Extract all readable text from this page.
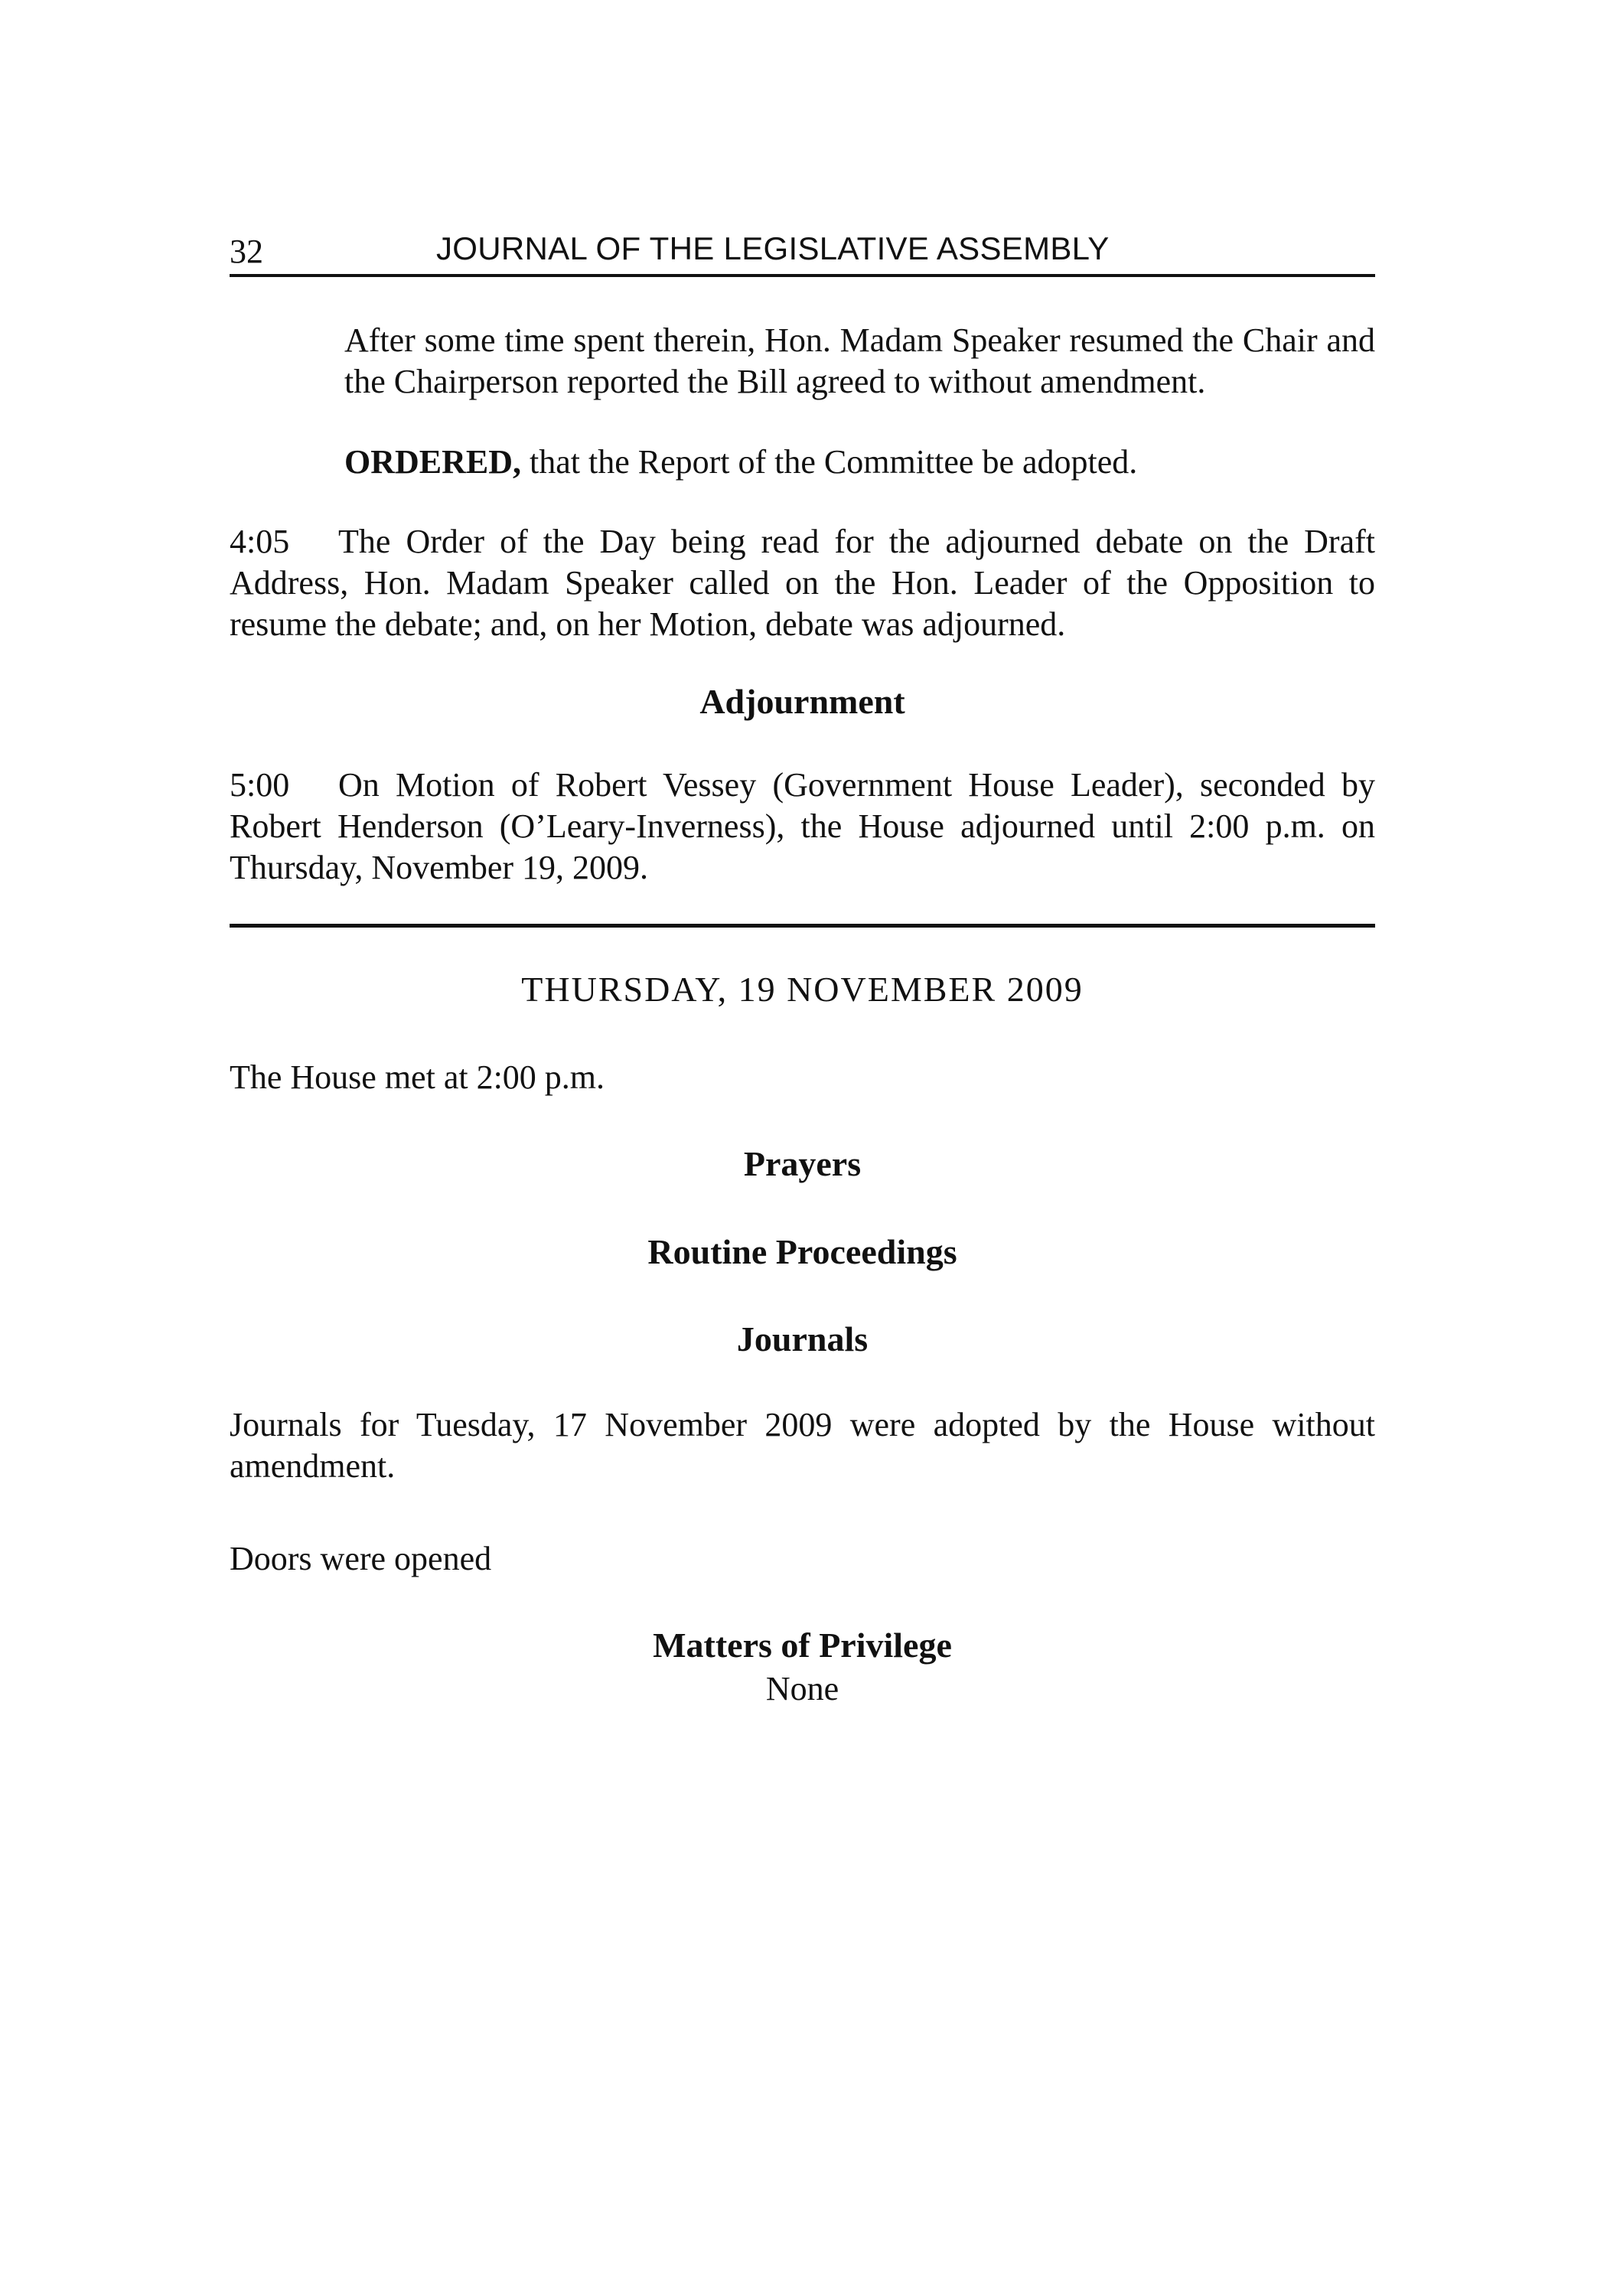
32	JOURNAL OF THE LEGISLATIVE ASSEMBLY

After some time spent therein, Hon. Madam Speaker resumed the Chair and the Chairperson reported the Bill agreed to without amendment.

ORDERED, that the Report of the Committee be adopted.

4:05 The Order of the Day being read for the adjourned debate on the Draft Address, Hon. Madam Speaker called on the Hon. Leader of the Opposition to resume the debate; and, on her Motion, debate was adjourned.

Adjournment

5:00 On Motion of Robert Vessey (Government House Leader), seconded by Robert Henderson (O’Leary-Inverness), the House adjourned until 2:00 p.m. on Thursday, November 19, 2009.

THURSDAY, 19 NOVEMBER 2009

The House met at 2:00 p.m.

Prayers
Routine Proceedings
Journals

Journals for Tuesday, 17 November 2009 were adopted by the House without amendment.

Doors were opened

Matters of Privilege
None
